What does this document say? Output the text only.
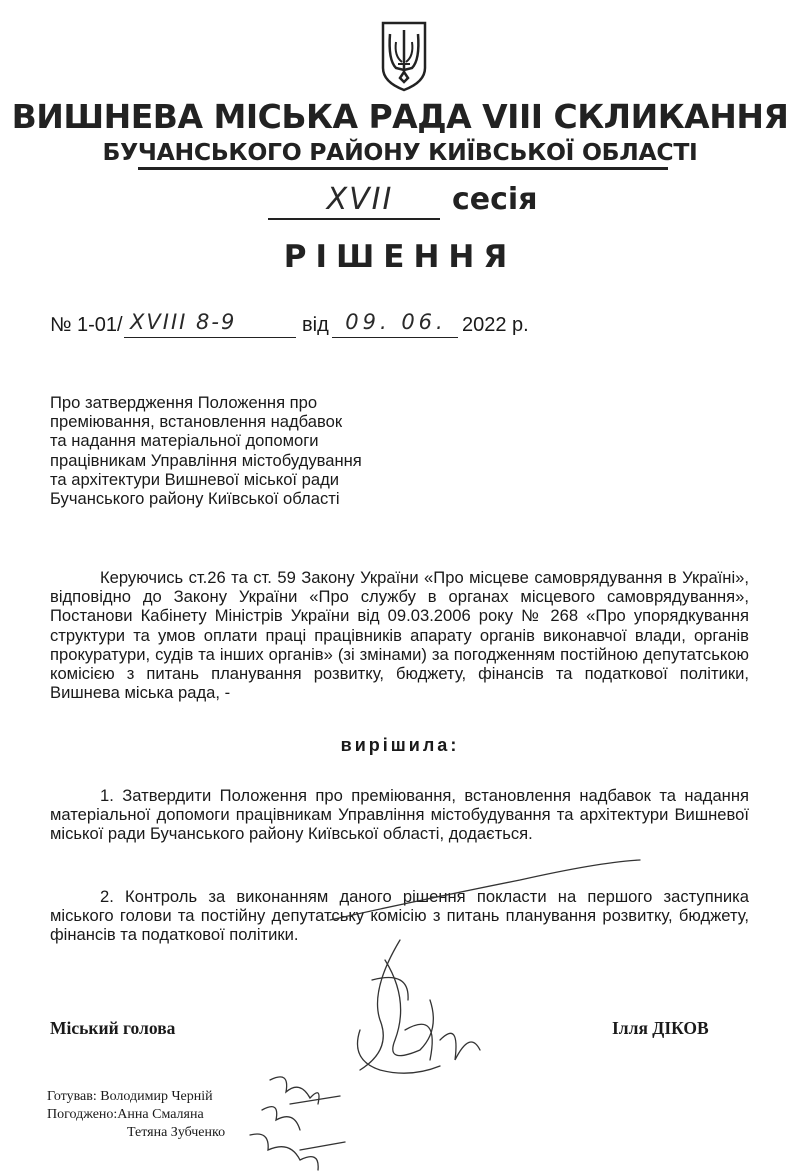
ВИШНЕВА МІСЬКА РАДА VIII СКЛИКАННЯ
БУЧАНСЬКОГО РАЙОНУ КИЇВСЬКОЇ ОБЛАСТІ
XVII	сесія
РІШЕННЯ
№ 1-01/ XVIII 8-9	від 09. 06. 2022 р.
Про затвердження Положення про
преміювання, встановлення надбавок
та надання матеріальної допомоги
працівникам Управління містобудування
та архітектури Вишневої міської ради
Бучанського району Київської області
Керуючись ст.26 та ст. 59 Закону України «Про місцеве самоврядування в Україні», відповідно до Закону України «Про службу в органах місцевого самоврядування», Постанови Кабінету Міністрів України від 09.03.2006 року № 268 «Про упорядкування структури та умов оплати праці працівників апарату органів виконавчої влади, органів прокуратури, судів та інших органів» (зі змінами) за погодженням постійною депутатською комісією з питань планування розвитку, бюджету, фінансів та податкової політики, Вишнева міська рада, -
вирішила:
1. Затвердити Положення про преміювання, встановлення надбавок та надання матеріальної допомоги працівникам Управління містобудування та архітектури Вишневої міської ради Бучанського району Київської області, додається.
2. Контроль за виконанням даного рішення покласти на першого заступника міського голови та постійну депутатську комісію з питань планування розвитку, бюджету, фінансів та податкової політики.
Міський голова	Ілля ДІКОВ
Готував: Володимир Черній
Погоджено:Анна Смаляна
Тетяна Зубченко
